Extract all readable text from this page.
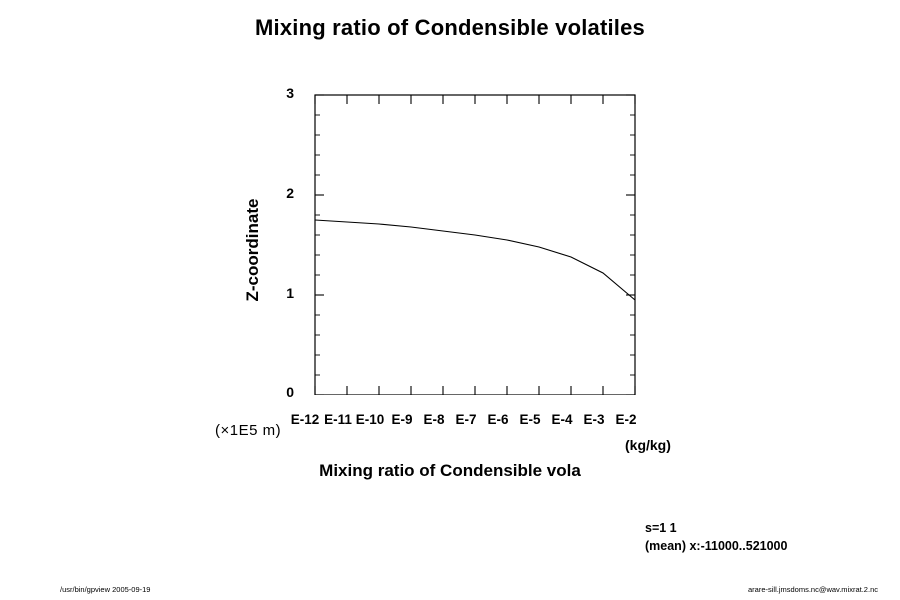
Mixing ratio of Condensible volatiles
Z-coordinate
0
1
2
3
E-12 E-11 E-10 E-9 E-8 E-7 E-6 E-5 E-4 E-3 E-2
(×1E5 m)
(kg/kg)
Mixing ratio of Condensible vola
s=1 1
(mean) x:-11000..521000
/usr/bin/gpview 2005-09-19	arare-sill.jmsdoms.nc@wav.mixrat.2.nc
